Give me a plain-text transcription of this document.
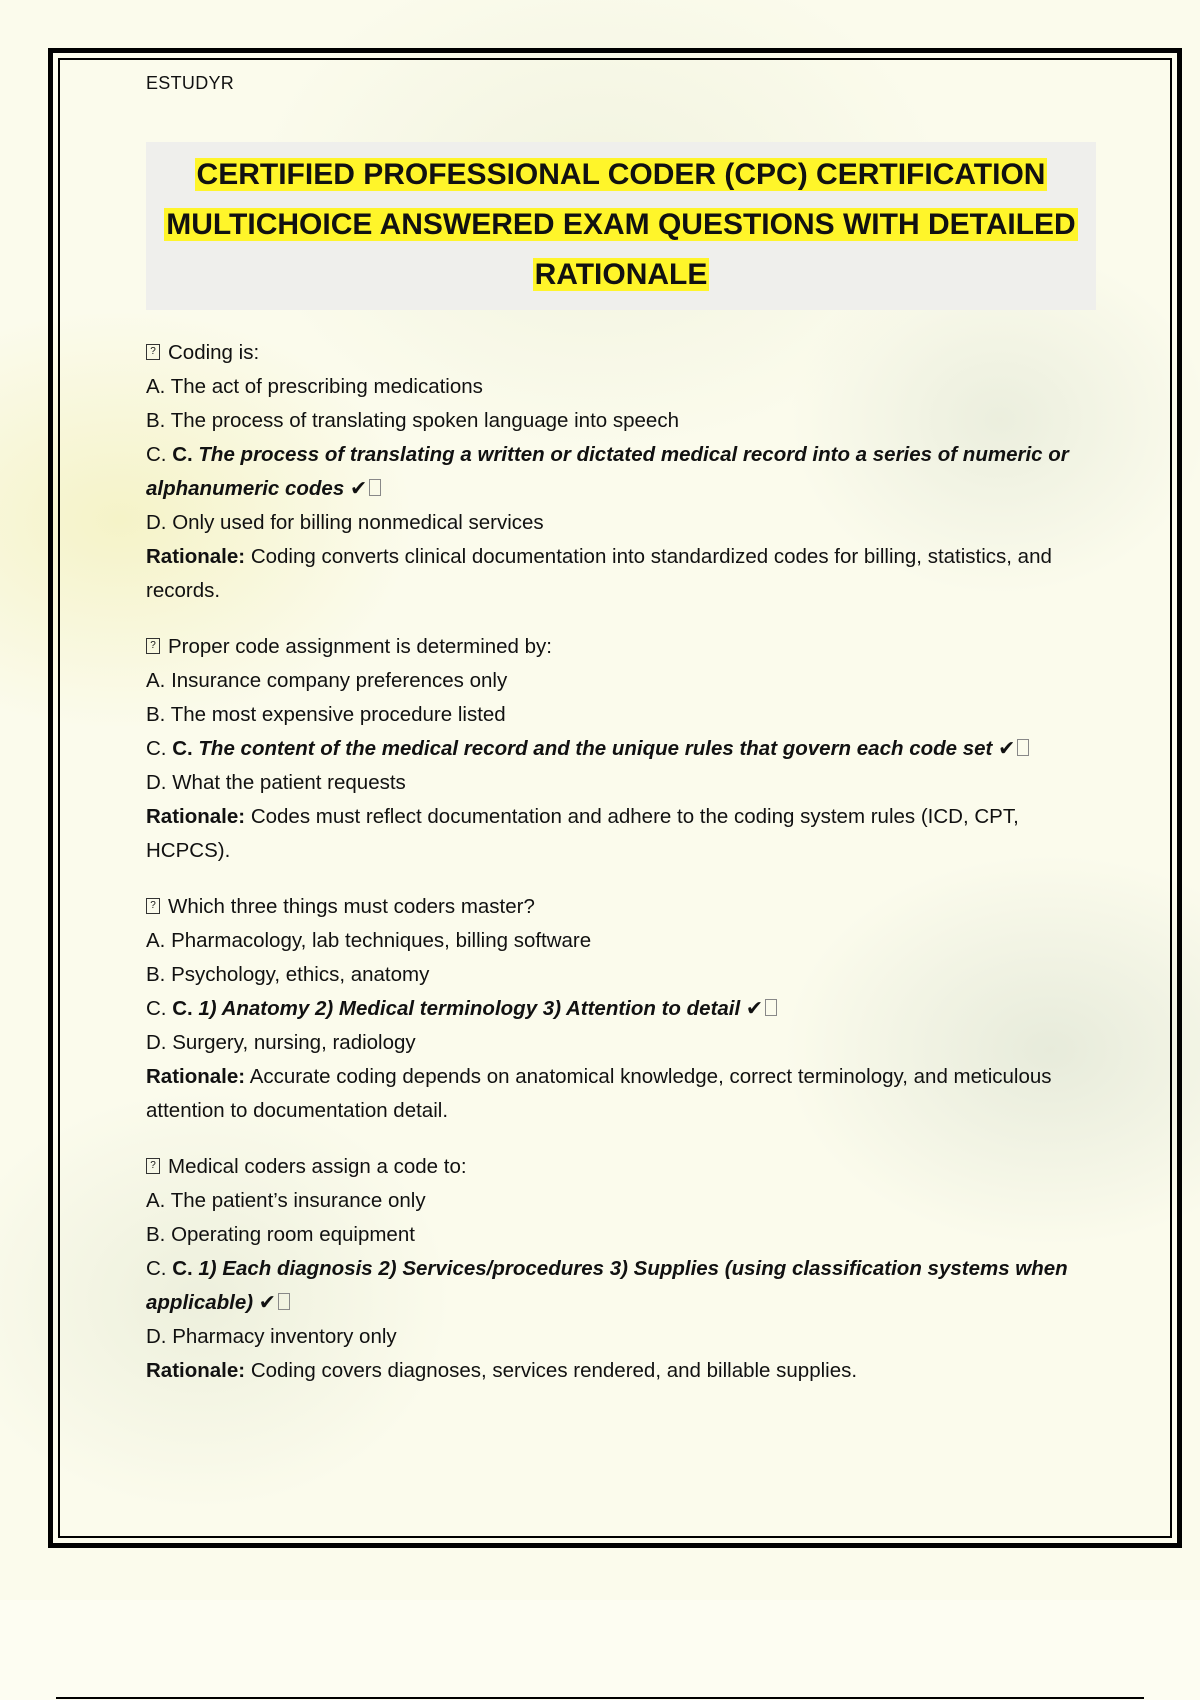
ESTUDYR
CERTIFIED PROFESSIONAL CODER (CPC) CERTIFICATION MULTICHOICE ANSWERED EXAM QUESTIONS WITH DETAILED RATIONALE

? Coding is:

A. The act of prescribing medications

B. The process of translating spoken language into speech

C. C. The process of translating a written or dictated medical record into a series of numeric or alphanumeric codes ✔

D. Only used for billing nonmedical services

Rationale: Coding converts clinical documentation into standardized codes for billing, statistics, and records.

? Proper code assignment is determined by:

A. Insurance company preferences only

B. The most expensive procedure listed

C. C. The content of the medical record and the unique rules that govern each code set ✔

D. What the patient requests

Rationale: Codes must reflect documentation and adhere to the coding system rules (ICD, CPT, HCPCS).

? Which three things must coders master?

A. Pharmacology, lab techniques, billing software

B. Psychology, ethics, anatomy

C. C. 1) Anatomy 2) Medical terminology 3) Attention to detail ✔

D. Surgery, nursing, radiology

Rationale: Accurate coding depends on anatomical knowledge, correct terminology, and meticulous attention to documentation detail.

? Medical coders assign a code to:

A. The patient’s insurance only

B. Operating room equipment

C. C. 1) Each diagnosis 2) Services/procedures 3) Supplies (using classification systems when applicable) ✔

D. Pharmacy inventory only

Rationale: Coding covers diagnoses, services rendered, and billable supplies.
